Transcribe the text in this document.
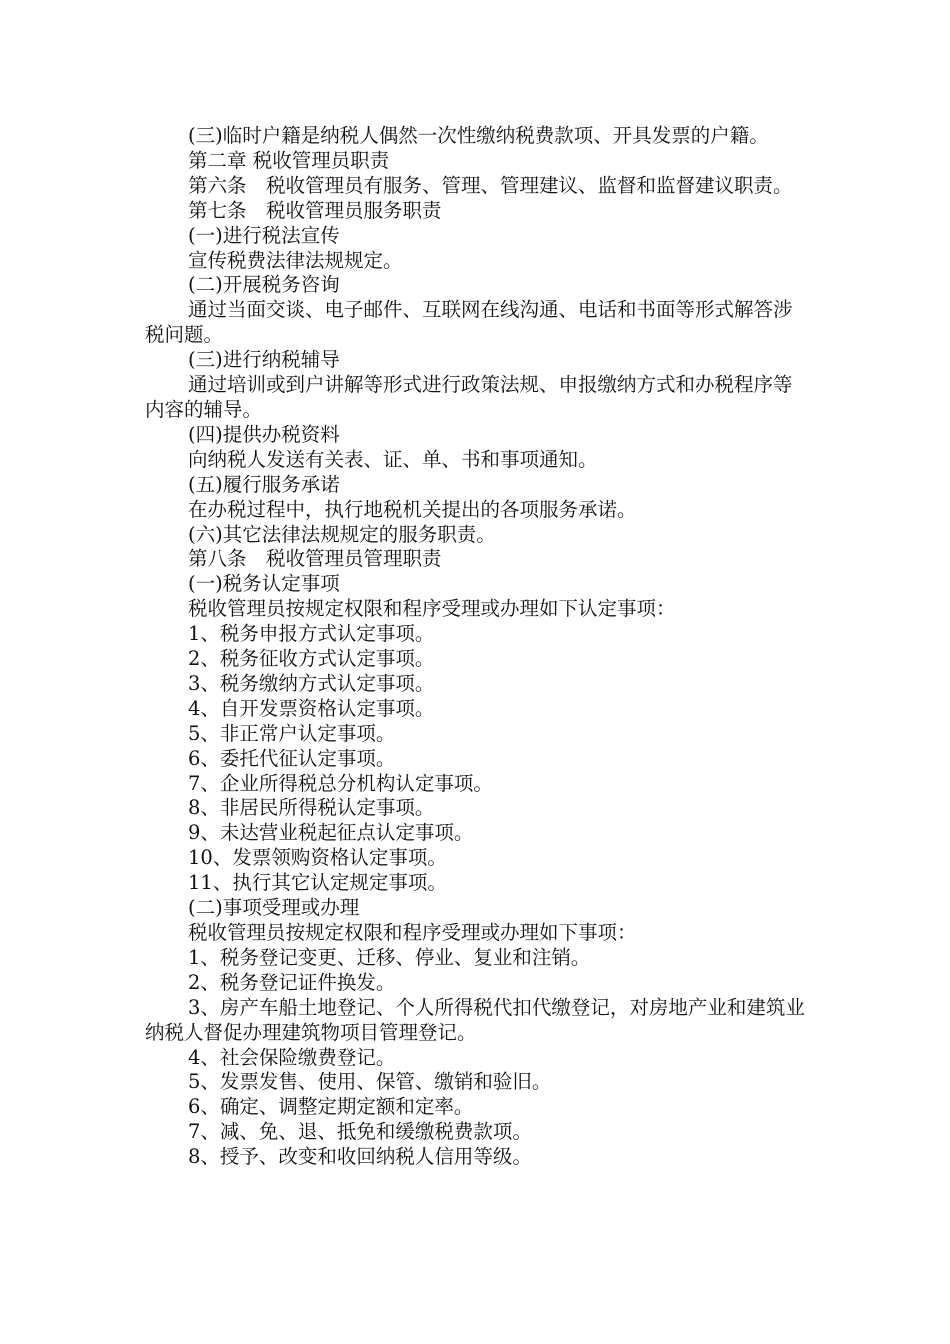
(三)临时户籍是纳税人偶然一次性缴纳税费款项、开具发票的户籍。

第二章 税收管理员职责

第六条　税收管理员有服务、管理、管理建议、监督和监督建议职责。

第七条　税收管理员服务职责

(一)进行税法宣传

宣传税费法律法规规定。

(二)开展税务咨询

通过当面交谈、电子邮件、互联网在线沟通、电话和书面等形式解答涉税问题。

(三)进行纳税辅导

通过培训或到户讲解等形式进行政策法规、申报缴纳方式和办税程序等内容的辅导。

(四)提供办税资料

向纳税人发送有关表、证、单、书和事项通知。

(五)履行服务承诺

在办税过程中，执行地税机关提出的各项服务承诺。

(六)其它法律法规规定的服务职责。

第八条　税收管理员管理职责

(一)税务认定事项

税收管理员按规定权限和程序受理或办理如下认定事项：

1、税务申报方式认定事项。

2、税务征收方式认定事项。

3、税务缴纳方式认定事项。

4、自开发票资格认定事项。

5、非正常户认定事项。

6、委托代征认定事项。

7、企业所得税总分机构认定事项。

8、非居民所得税认定事项。

9、未达营业税起征点认定事项。

10、发票领购资格认定事项。

11、执行其它认定规定事项。

(二)事项受理或办理

税收管理员按规定权限和程序受理或办理如下事项：

1、税务登记变更、迁移、停业、复业和注销。

2、税务登记证件换发。

3、房产车船土地登记、个人所得税代扣代缴登记，对房地产业和建筑业纳税人督促办理建筑物项目管理登记。

4、社会保险缴费登记。

5、发票发售、使用、保管、缴销和验旧。

6、确定、调整定期定额和定率。

7、减、免、退、抵免和缓缴税费款项。

8、授予、改变和收回纳税人信用等级。
